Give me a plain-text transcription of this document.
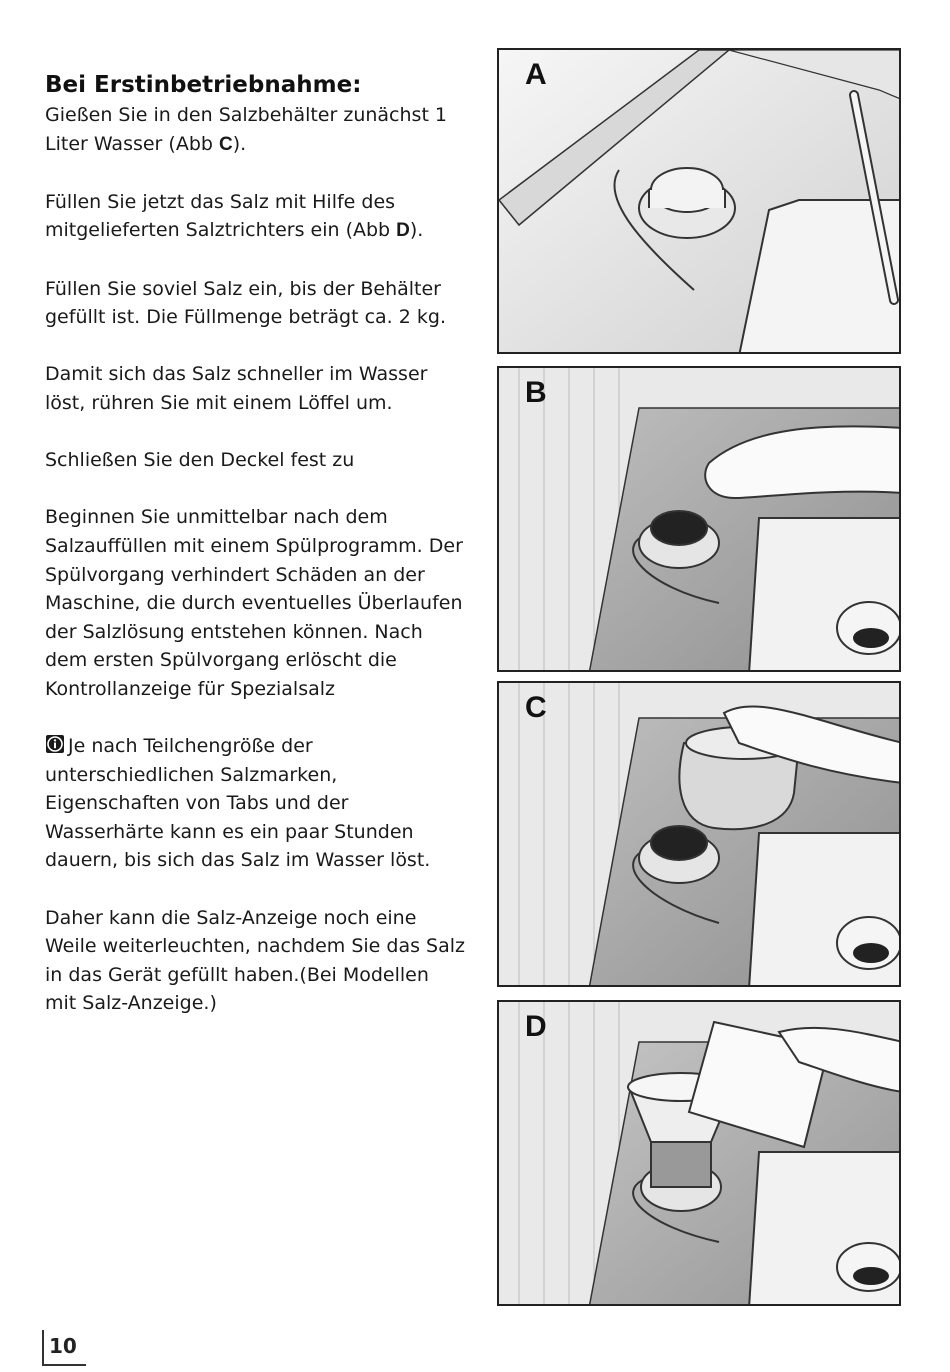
Bei Erstinbetriebnahme:

Gießen Sie in den Salzbehälter zunächst 1 Liter Wasser (Abb C).

Füllen Sie jetzt das Salz mit Hilfe des mitgelieferten Salztrichters ein (Abb D).

Füllen Sie soviel Salz ein, bis der Behälter gefüllt ist. Die Füllmenge beträgt ca. 2 kg.

Damit sich das Salz schneller im Wasser löst, rühren Sie mit einem Löffel um.

Schließen Sie den Deckel fest zu

Beginnen Sie unmittelbar nach dem Salzauffüllen mit einem Spülprogramm. Der Spülvorgang verhindert Schäden an der Maschine, die durch eventuelles Überlaufen der Salzlösung entstehen können. Nach dem ersten Spülvorgang erlöscht die Kontrollanzeige für Spezialsalz

Je nach Teilchengröße der unterschiedlichen Salzmarken, Eigenschaften von Tabs und der Wasserhärte kann es ein paar Stunden dauern, bis sich das Salz im Wasser löst.

Daher kann die Salz-Anzeige noch eine Weile weiterleuchten, nachdem Sie das Salz in das Gerät gefüllt haben.(Bei Modellen mit Salz-Anzeige.)

A
B
C
D
10
